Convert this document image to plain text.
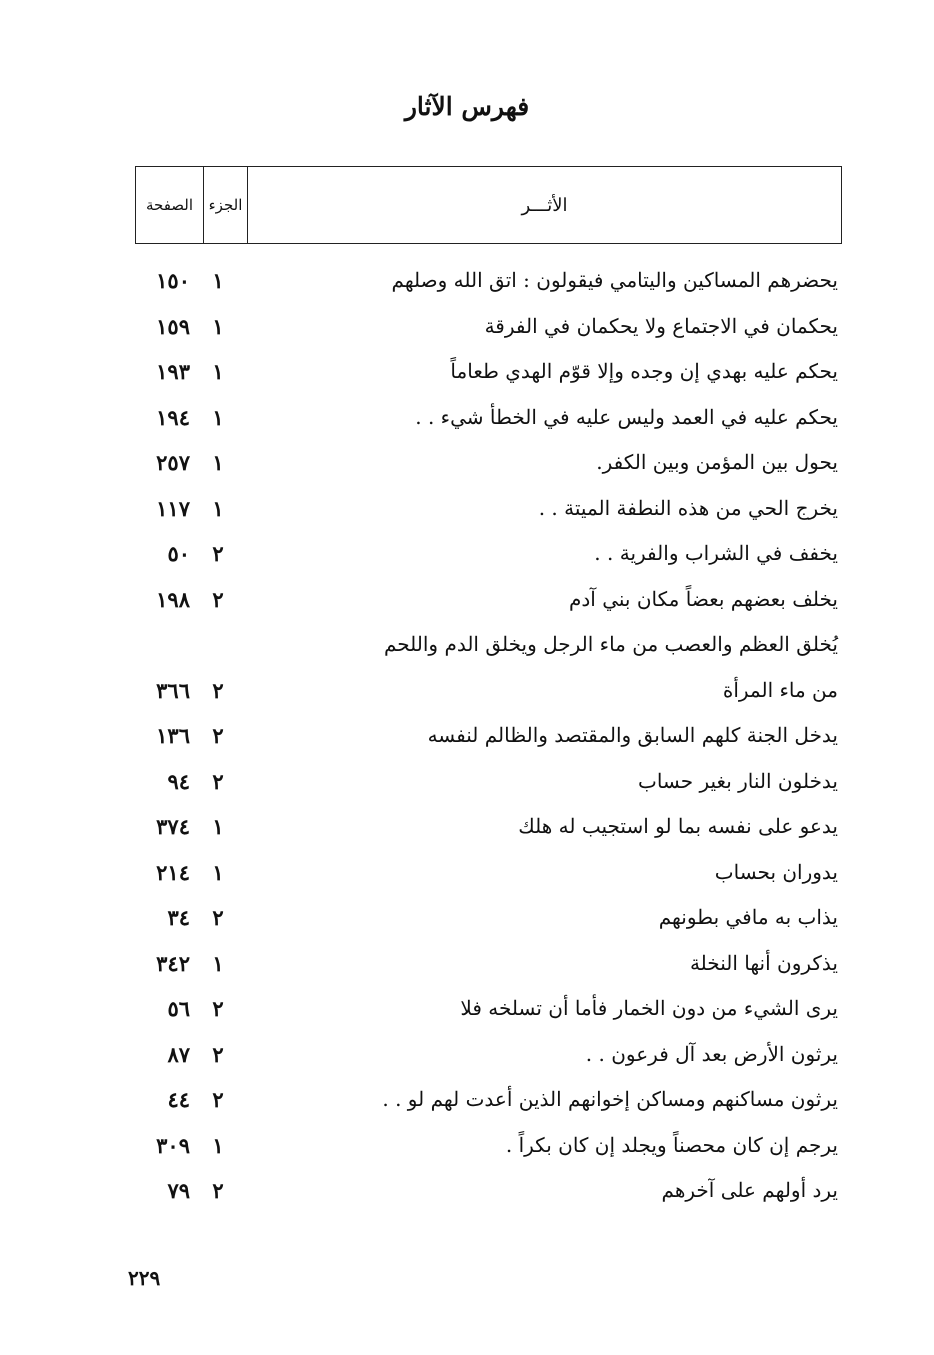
فهرس الآثار
الأثـــر
الجزء
الصفحة
يحضرهم المساكين واليتامي فيقولون : اتق الله وصلهم
١
١٥٠
يحكمان في الاجتماع ولا يحكمان في الفرقة
١
١٥٩
يحكم عليه بهدي إن وجده وإلا قوّم الهدي طعاماً
١
١٩٣
يحكم عليه في العمد وليس عليه في الخطأ شيء . .
١
١٩٤
يحول بين المؤمن وبين الكفر.
١
٢٥٧
يخرج الحي من هذه النطفة الميتة . .
١
١١٧
يخفف في الشراب والفرية . .
٢
٥٠
يخلف بعضهم بعضاً مكان بني آدم
٢
١٩٨
يُخلق العظم والعصب من ماء الرجل ويخلق الدم واللحم
من ماء المرأة
٢
٣٦٦
يدخل الجنة كلهم السابق والمقتصد والظالم لنفسه
٢
١٣٦
يدخلون النار بغير حساب
٢
٩٤
يدعو على نفسه بما لو استجيب له هلك
١
٣٧٤
يدوران بحساب
١
٢١٤
يذاب به مافي بطونهم
٢
٣٤
يذكرون أنها النخلة
١
٣٤٢
يرى الشيء من دون الخمار فأما أن تسلخه فلا
٢
٥٦
يرثون الأرض بعد آل فرعون . .
٢
٨٧
يرثون مساكنهم ومساكن إخوانهم الذين أعدت لهم لو . .
٢
٤٤
يرجم إن كان محصناً ويجلد إن كان بكراً .
١
٣٠٩
يرد أولهم على آخرهم
٢
٧٩
٢٢٩
